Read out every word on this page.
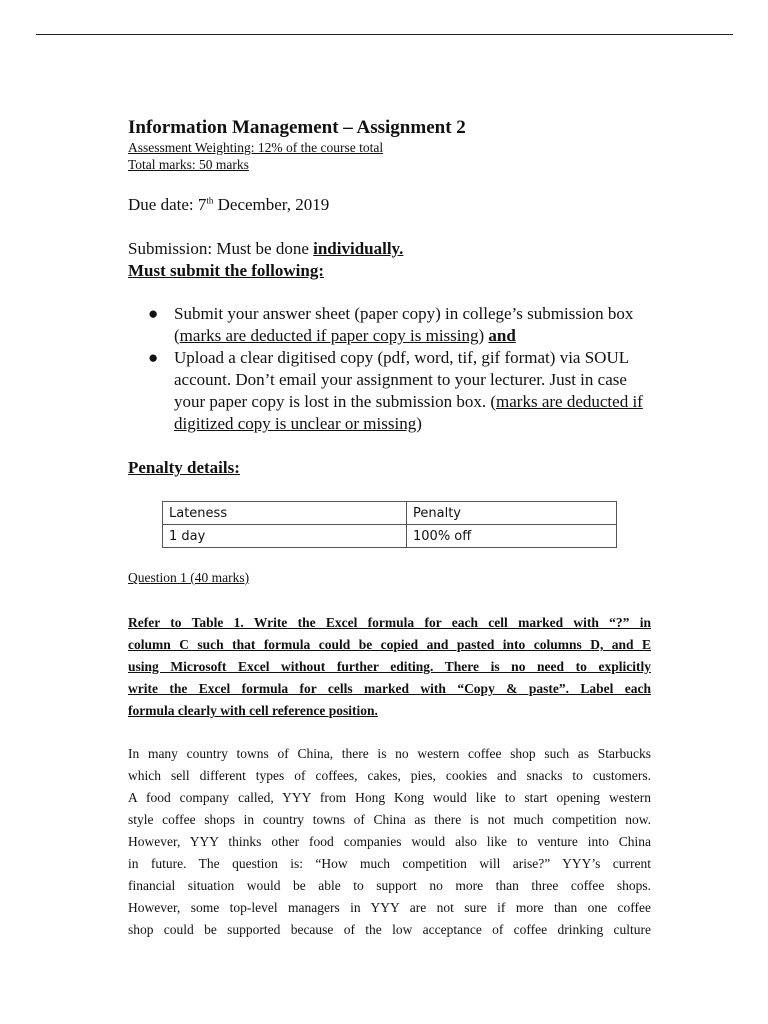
Information Management – Assignment 2
Assessment Weighting: 12% of the course total
Total marks: 50 marks
Due date: 7th December, 2019
Submission: Must be done individually.
Must submit the following:
● Submit your answer sheet (paper copy) in college’s submission box (marks are deducted if paper copy is missing) and
● Upload a clear digitised copy (pdf, word, tif, gif format) via SOUL account. Don’t email your assignment to your lecturer. Just in case your paper copy is lost in the submission box. (marks are deducted if digitized copy is unclear or missing)
Penalty details:
Lateness	Penalty
1 day	100% off
Question 1 (40 marks)
Refer to Table 1. Write the Excel formula for each cell marked with “?” in
column C such that formula could be copied and pasted into columns D, and E
using Microsoft Excel without further editing. There is no need to explicitly
write the Excel formula for cells marked with “Copy & paste”. Label each
formula clearly with cell reference position.
In many country towns of China, there is no western coffee shop such as Starbucks
which sell different types of coffees, cakes, pies, cookies and snacks to customers.
A food company called, YYY from Hong Kong would like to start opening western
style coffee shops in country towns of China as there is not much competition now.
However, YYY thinks other food companies would also like to venture into China
in future. The question is: “How much competition will arise?” YYY’s current
financial situation would be able to support no more than three coffee shops.
However, some top-level managers in YYY are not sure if more than one coffee
shop could be supported because of the low acceptance of coffee drinking culture
